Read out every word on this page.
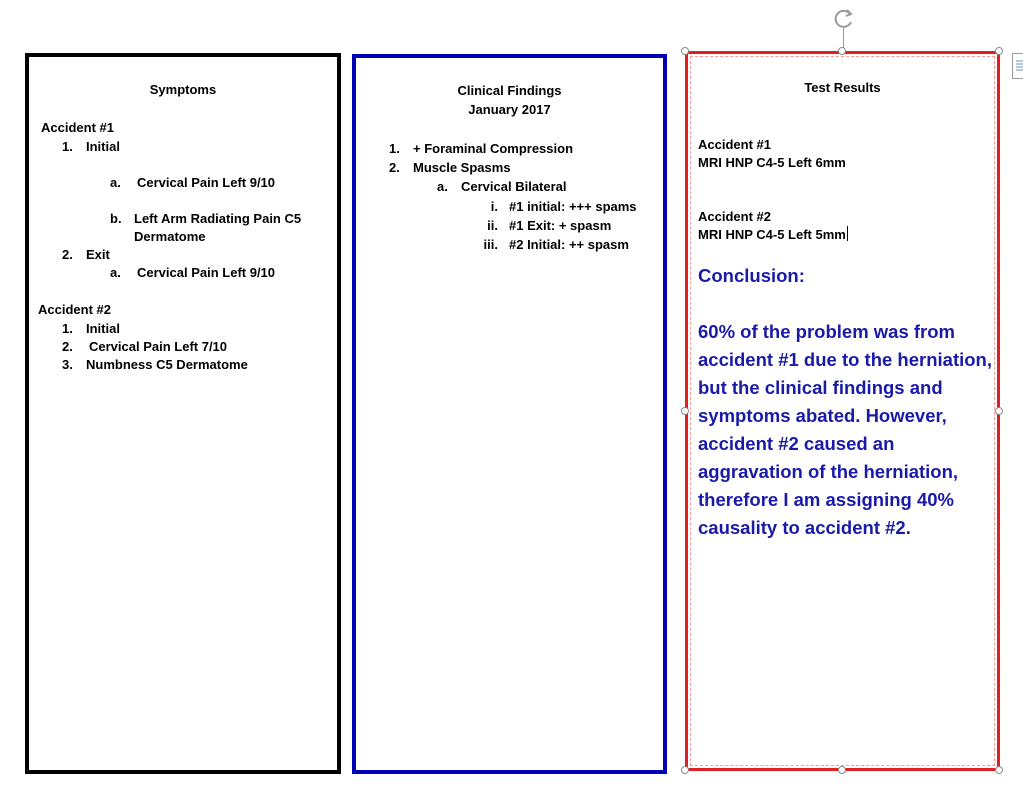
Symptoms
Accident #1
1. Initial
a. Cervical Pain Left 9/10
b. Left Arm Radiating Pain C5
Dermatome
2. Exit
a. Cervical Pain Left 9/10
Accident #2
1. Initial
2. Cervical Pain Left 7/10
3. Numbness C5 Dermatome
Clinical Findings
January 2017
1. + Foraminal Compression
2. Muscle Spasms
a. Cervical Bilateral
i. #1 initial: +++ spams
ii. #1 Exit: + spasm
iii. #2 Initial: ++ spasm
Test Results
Accident #1
MRI HNP C4-5 Left 6mm
Accident #2
MRI HNP C4-5 Left 5mm
Conclusion:
60% of the problem was from accident #1 due to the herniation, but the clinical findings and symptoms abated. However, accident #2 caused an aggravation of the herniation, therefore I am assigning 40% causality to accident #2.
